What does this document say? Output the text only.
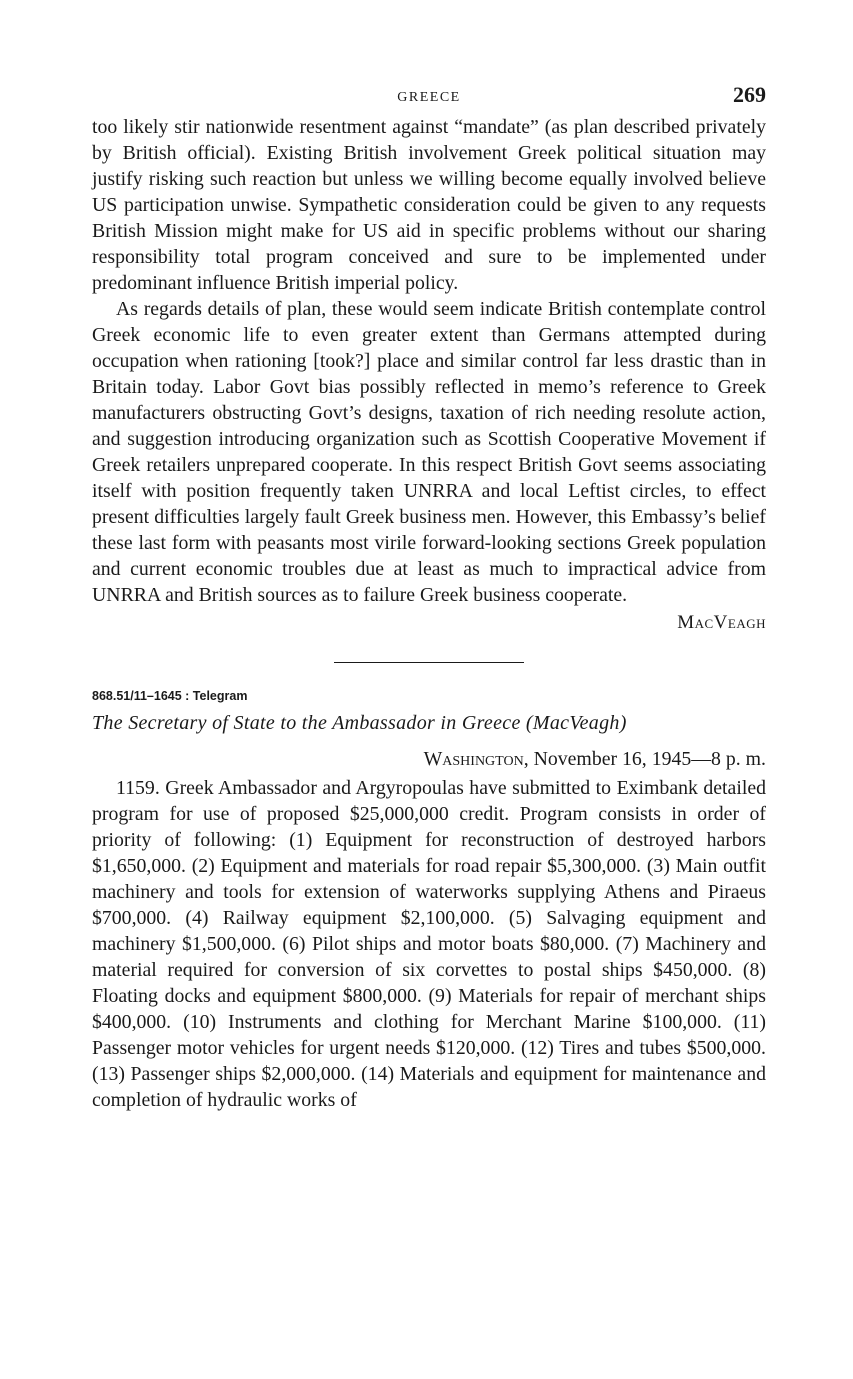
GREECE	269

too likely stir nationwide resentment against “mandate” (as plan described privately by British official). Existing British involvement Greek political situation may justify risking such reaction but unless we willing become equally involved believe US participation unwise. Sympathetic consideration could be given to any requests British Mission might make for US aid in specific problems without our sharing responsibility total program conceived and sure to be implemented under predominant influence British imperial policy.

As regards details of plan, these would seem indicate British contemplate control Greek economic life to even greater extent than Germans attempted during occupation when rationing [took?] place and similar control far less drastic than in Britain today. Labor Govt bias possibly reflected in memo’s reference to Greek manufacturers obstructing Govt’s designs, taxation of rich needing resolute action, and suggestion introducing organization such as Scottish Cooperative Movement if Greek retailers unprepared cooperate. In this respect British Govt seems associating itself with position frequently taken UNRRA and local Leftist circles, to effect present difficulties largely fault Greek business men. However, this Embassy’s belief these last form with peasants most virile forward-looking sections Greek population and current economic troubles due at least as much to impractical advice from UNRRA and British sources as to failure Greek business cooperate.

MacVeagh
868.51/11–1645 : Telegram
The Secretary of State to the Ambassador in Greece (MacVeagh)
Washington, November 16, 1945—8 p. m.

1159. Greek Ambassador and Argyropoulas have submitted to Eximbank detailed program for use of proposed $25,000,000 credit. Program consists in order of priority of following: (1) Equipment for reconstruction of destroyed harbors $1,650,000. (2) Equipment and materials for road repair $5,300,000. (3) Main outfit machinery and tools for extension of waterworks supplying Athens and Piraeus $700,000. (4) Railway equipment $2,100,000. (5) Salvaging equipment and machinery $1,500,000. (6) Pilot ships and motor boats $80,000. (7) Machinery and material required for conversion of six corvettes to postal ships $450,000. (8) Floating docks and equipment $800,000. (9) Materials for repair of merchant ships $400,000. (10) Instruments and clothing for Merchant Marine $100,000. (11) Passenger motor vehicles for urgent needs $120,000. (12) Tires and tubes $500,000. (13) Passenger ships $2,000,000. (14) Materials and equipment for maintenance and completion of hydraulic works of
